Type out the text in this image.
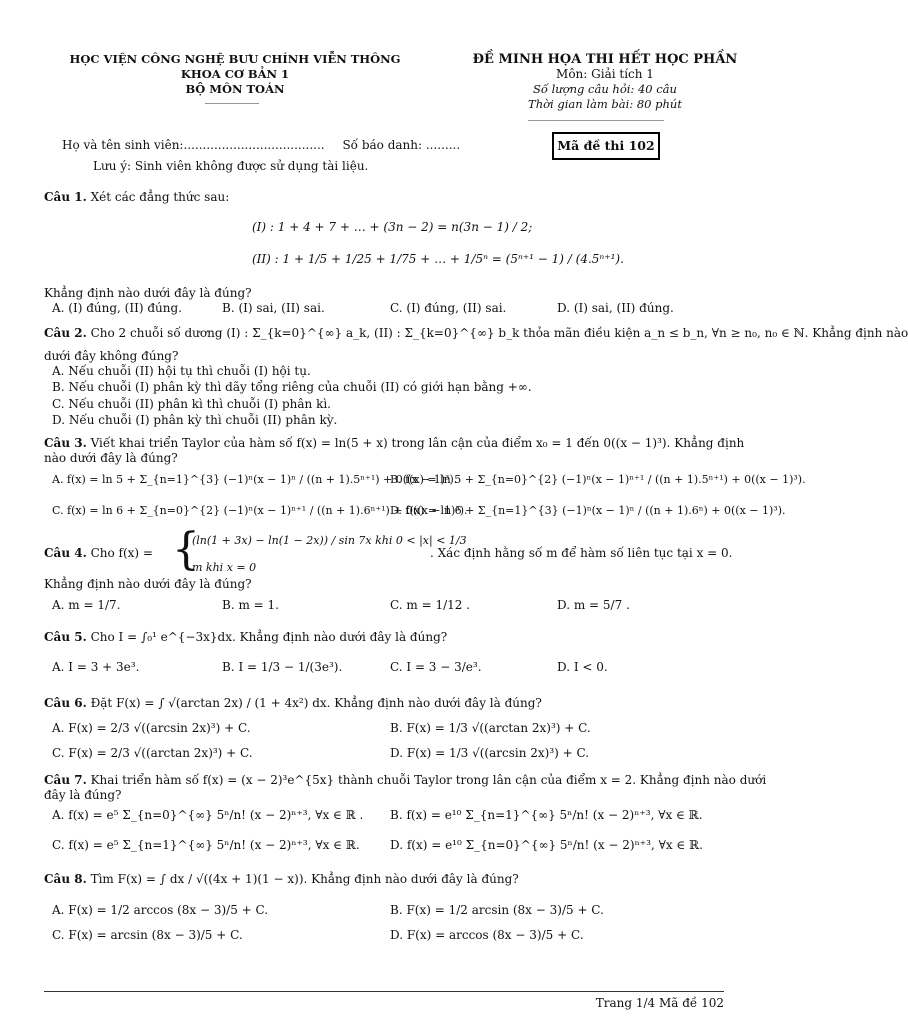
HỌC VIỆN CÔNG NGHỆ BƯU CHÍNH VIỄN THÔNG
KHOA CƠ BẢN 1
BỘ MÔN TOÁN
ĐỀ MINH HỌA THI HẾT HỌC PHẦN
Môn: Giải tích 1
Số lượng câu hỏi: 40 câu
Thời gian làm bài: 80 phút
Họ và tên sinh viên:..................................... Số báo danh: .........	Mã đề thi 102
Lưu ý: Sinh viên không được sử dụng tài liệu.
Câu 1. Xét các đẳng thức sau:
(I) : 1 + 4 + 7 + … + (3n − 2) = n(3n − 1) / 2;
(II) : 1 + 1/5 + 1/25 + 1/75 + … + 1/5ⁿ = (5ⁿ⁺¹ − 1) / (4.5ⁿ⁺¹).
Khẳng định nào dưới đây là đúng?
A. (I) đúng, (II) đúng.	B. (I) sai, (II) sai.	C. (I) đúng, (II) sai.	D. (I) sai, (II) đúng.
Câu 2. Cho 2 chuỗi số dương (I) : Σ_{k=0}^{∞} a_k, (II) : Σ_{k=0}^{∞} b_k thỏa mãn điều kiện a_n ≤ b_n, ∀n ≥ n₀, n₀ ∈ ℕ. Khẳng định nào
dưới đây không đúng?
A. Nếu chuỗi (II) hội tụ thì chuỗi (I) hội tụ.
B. Nếu chuỗi (I) phân kỳ thì dãy tổng riêng của chuỗi (II) có giới hạn bằng +∞.
C. Nếu chuỗi (II) phân kì thì chuỗi (I) phân kì.
D. Nếu chuỗi (I) phân kỳ thì chuỗi (II) phân kỳ.
Câu 3. Viết khai triển Taylor của hàm số f(x) = ln(5 + x) trong lân cận của điểm x₀ = 1 đến 0((x − 1)³). Khẳng định
nào dưới đây là đúng?
A. f(x) = ln 5 + Σ_{n=1}^{3} (−1)ⁿ(x − 1)ⁿ / ((n + 1).5ⁿ⁺¹) + 0((x − 1)³).
B. f(x) = ln 5 + Σ_{n=0}^{2} (−1)ⁿ(x − 1)ⁿ⁺¹ / ((n + 1).5ⁿ⁺¹) + 0((x − 1)³).
C. f(x) = ln 6 + Σ_{n=0}^{2} (−1)ⁿ(x − 1)ⁿ⁺¹ / ((n + 1).6ⁿ⁺¹) + 0((x − 1)³).
D. f(x) = ln 6 + Σ_{n=1}^{3} (−1)ⁿ(x − 1)ⁿ / ((n + 1).6ⁿ) + 0((x − 1)³).
Câu 4. Cho f(x) = {
(ln(1 + 3x) − ln(1 − 2x)) / sin 7x khi 0 < |x| < 1/3
m khi x = 0
. Xác định hằng số m để hàm số liên tục tại x = 0.
Khẳng định nào dưới đây là đúng?
A. m = 1/7.	B. m = 1.	C. m = 1/12 .	D. m = 5/7 .
Câu 5. Cho I = ∫₀¹ e^{−3x}dx. Khẳng định nào dưới đây là đúng?
A. I = 3 + 3e³.	B. I = 1/3 − 1/(3e³).	C. I = 3 − 3/e³.	D. I < 0.
Câu 6. Đặt F(x) = ∫ √(arctan 2x) / (1 + 4x²) dx. Khẳng định nào dưới đây là đúng?
A. F(x) = 2/3 √((arcsin 2x)³) + C.	B. F(x) = 1/3 √((arctan 2x)³) + C.
C. F(x) = 2/3 √((arctan 2x)³) + C.	D. F(x) = 1/3 √((arcsin 2x)³) + C.
Câu 7. Khai triển hàm số f(x) = (x − 2)³e^{5x} thành chuỗi Taylor trong lân cận của điểm x = 2. Khẳng định nào dưới
đây là đúng?
A. f(x) = e⁵ Σ_{n=0}^{∞} 5ⁿ/n! (x − 2)ⁿ⁺³, ∀x ∈ ℝ . B. f(x) = e¹⁰ Σ_{n=1}^{∞} 5ⁿ/n! (x − 2)ⁿ⁺³, ∀x ∈ ℝ.
C. f(x) = e⁵ Σ_{n=1}^{∞} 5ⁿ/n! (x − 2)ⁿ⁺³, ∀x ∈ ℝ.	D. f(x) = e¹⁰ Σ_{n=0}^{∞} 5ⁿ/n! (x − 2)ⁿ⁺³, ∀x ∈ ℝ.
Câu 8. Tìm F(x) = ∫ dx / √((4x + 1)(1 − x)). Khẳng định nào dưới đây là đúng?
A. F(x) = 1/2 arccos (8x − 3)/5 + C.	B. F(x) = 1/2 arcsin (8x − 3)/5 + C.
C. F(x) = arcsin (8x − 3)/5 + C.	D. F(x) = arccos (8x − 3)/5 + C.
Trang 1/4 Mã đề 102
